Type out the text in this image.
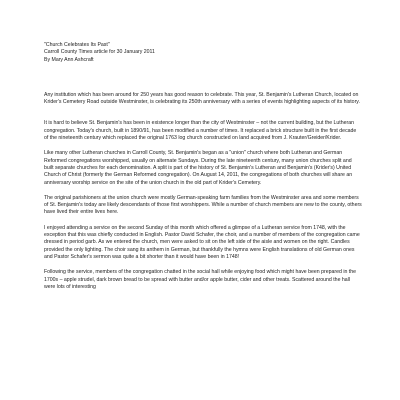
"Church Celebrates Its Past"

Carroll County Times article for 30 January 2011

By Mary Ann Ashcraft

Any institution which has been around for 250 years has good reason to celebrate. This year, St. Benjamin's Lutheran Church, located on Krider's Cemetery Road outside Westminster, is celebrating its 250th anniversary with a series of events highlighting aspects of its history.

It is hard to believe St. Benjamin's has been in existence longer than the city of Westminster – not the current building, but the Lutheran congregation. Today's church, built in 1890/91, has been modified a number of times. It replaced a brick structure built in the first decade of the nineteenth century which replaced the original 1763 log church constructed on land acquired from J. Krauter/Greider/Krider.

Like many other Lutheran churches in Carroll County, St. Benjamin's began as a "union" church where both Lutheran and German Reformed congregations worshipped, usually on alternate Sundays. During the late nineteenth century, many union churches split and built separate churches for each denomination. A split is part of the history of St. Benjamin's Lutheran and Benjamin's (Krider's) United Church of Christ (formerly the German Reformed congregation). On August 14, 2011, the congregations of both churches will share an anniversary worship service on the site of the union church in the old part of Krider's Cemetery.

The original parishioners at the union church were mostly German-speaking farm families from the Westminster area and some members of St. Benjamin's today are likely descendants of those first worshippers. While a number of church members are new to the county, others have lived their entire lives here.

I enjoyed attending a service on the second Sunday of this month which offered a glimpse of a Lutheran service from 1748, with the exception that this was chiefly conducted in English. Pastor David Schafer, the choir, and a number of members of the congregation came dressed in period garb. As we entered the church, men were asked to sit on the left side of the aisle and women on the right. Candles provided the only lighting. The choir sang its anthem in German, but thankfully the hymns were English translations of old German ones and Pastor Schafer's sermon was quite a bit shorter than it would have been in 1748!

Following the service, members of the congregation chatted in the social hall while enjoying food which might have been prepared in the 1700s – apple strudel, dark brown bread to be spread with butter and/or apple butter, cider and other treats. Scattered around the hall were lots of interesting
